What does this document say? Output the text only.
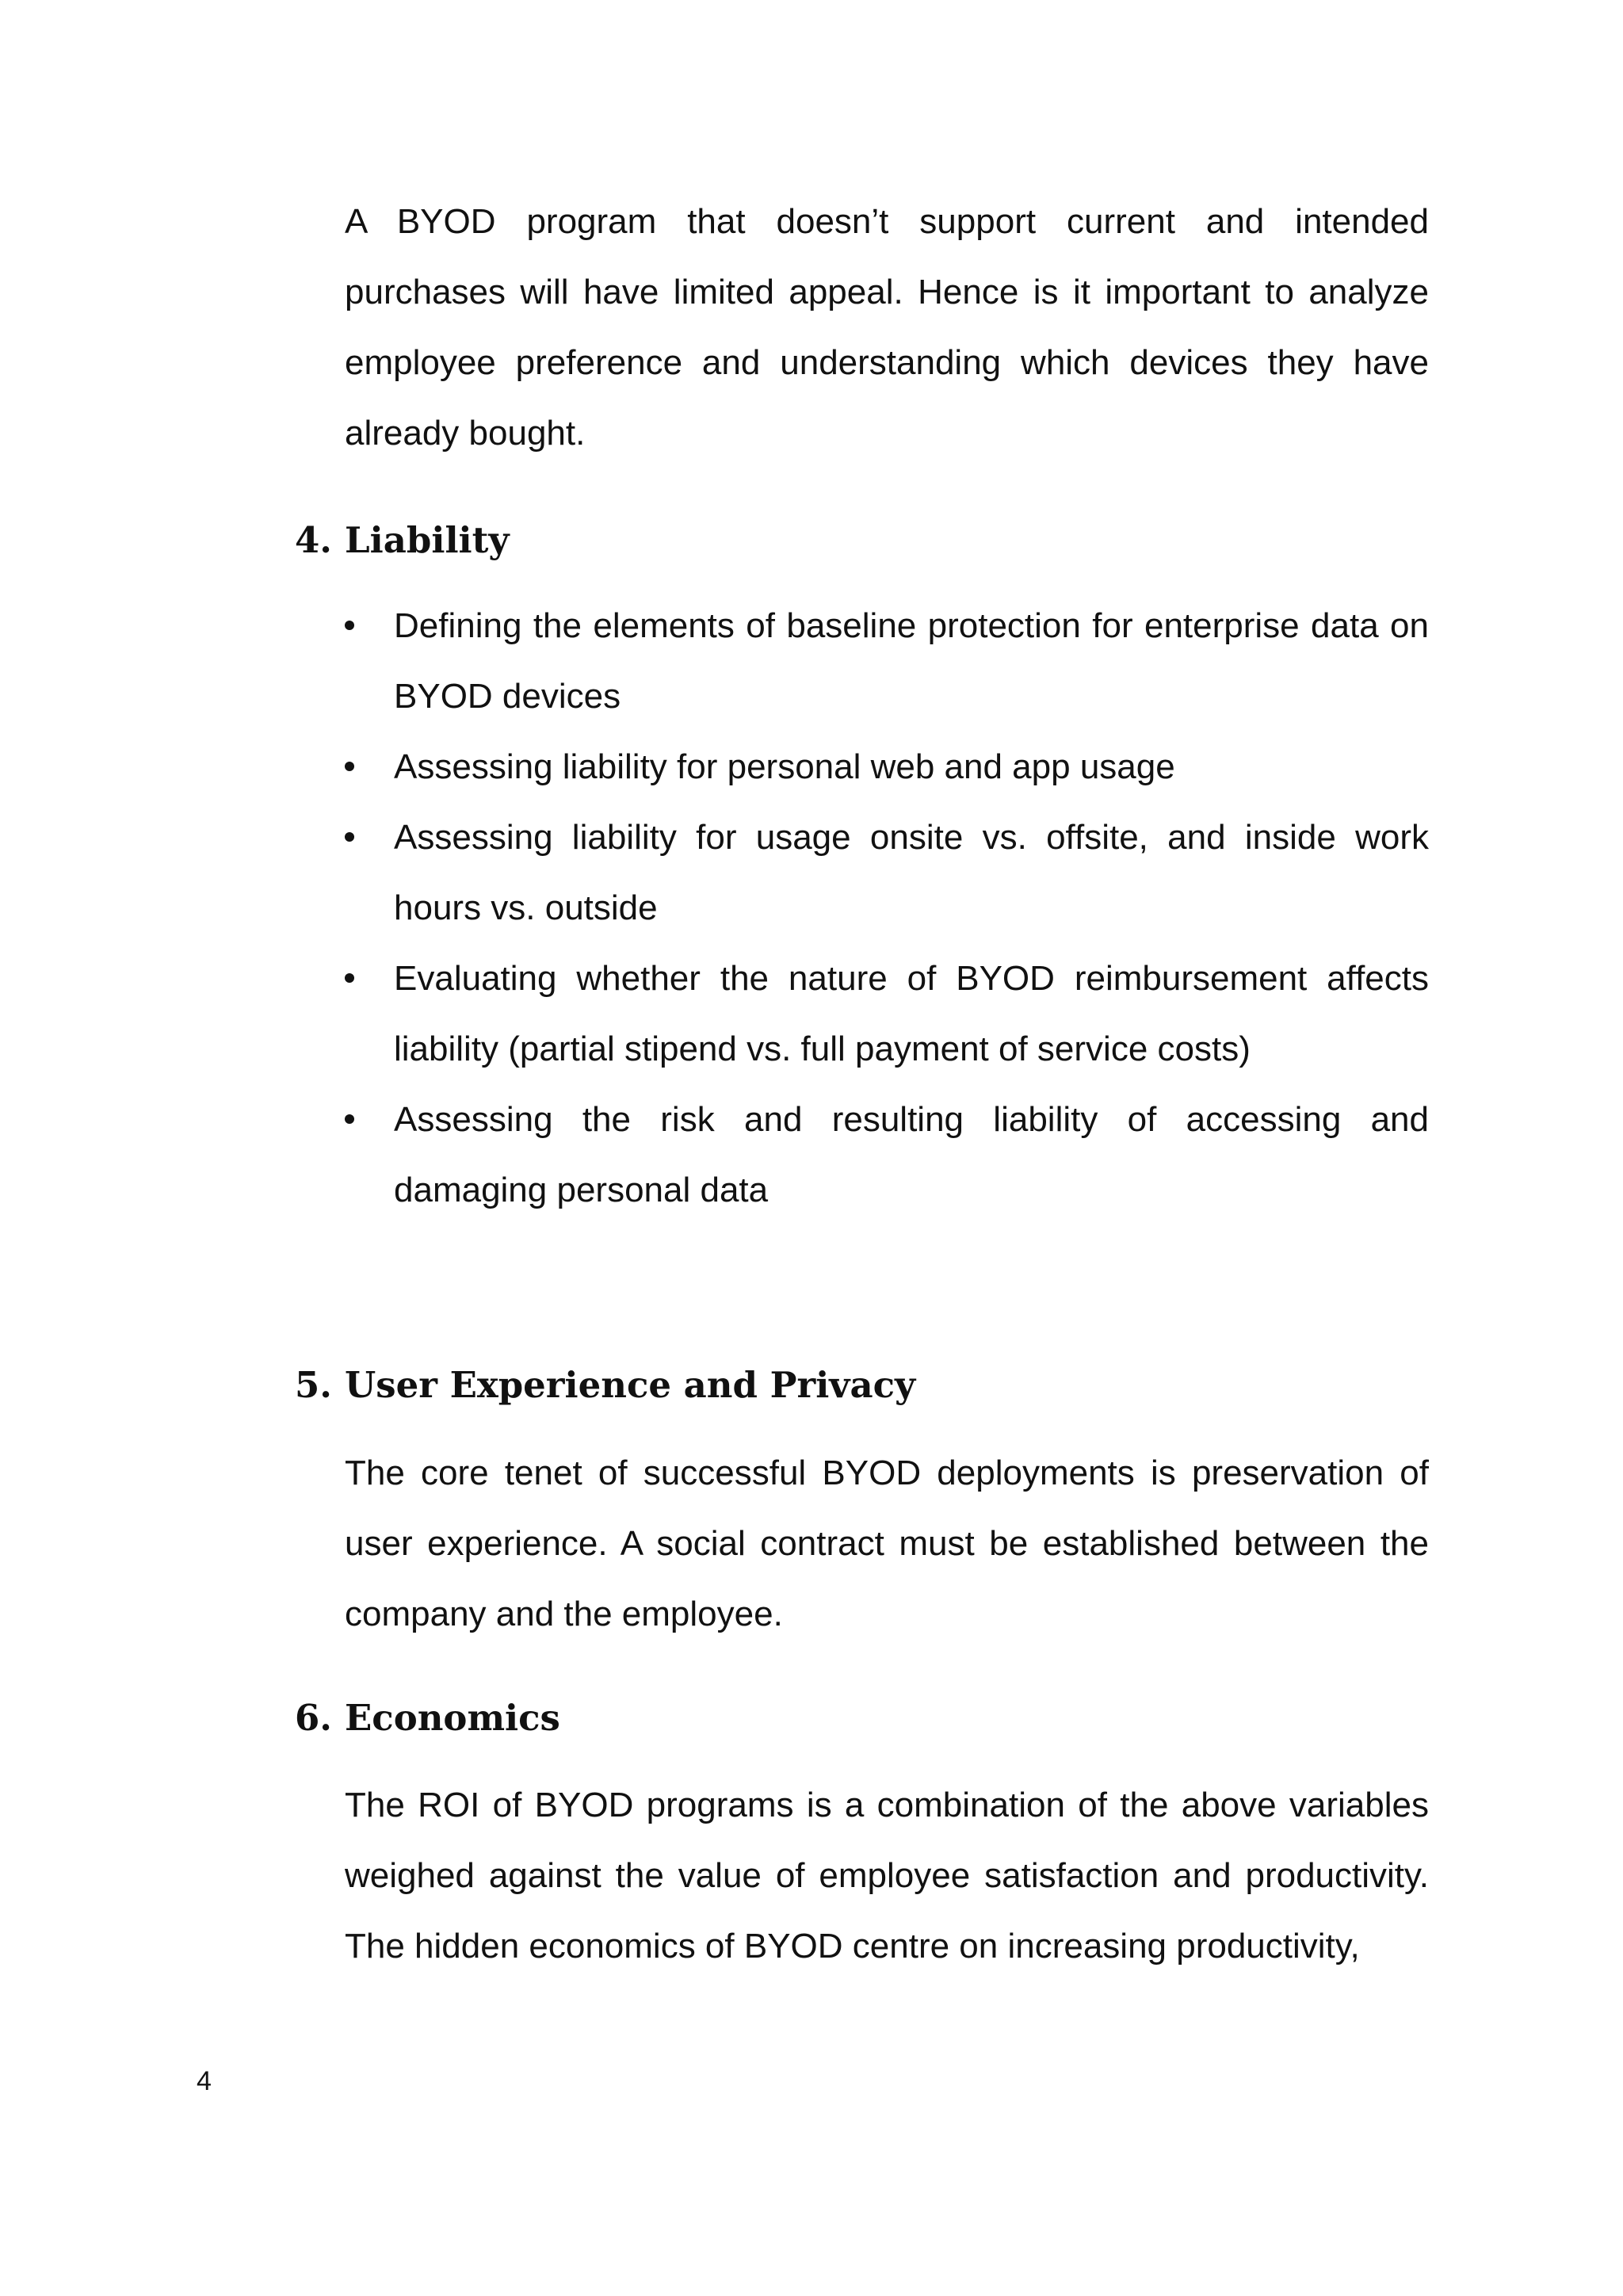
A BYOD program that doesn’t support current and intended purchases will have limited appeal. Hence is it important to analyze employee preference and understanding which devices they have already bought.

4. Liability
Defining the elements of baseline protection for enterprise data on BYOD devices
Assessing liability for personal web and app usage
Assessing liability for usage onsite vs. offsite, and inside work hours vs. outside
Evaluating whether the nature of BYOD reimbursement affects liability (partial stipend vs. full payment of service costs)
Assessing the risk and resulting liability of accessing and damaging personal data
5. User Experience and Privacy

The core tenet of successful BYOD deployments is preservation of user experience. A social contract must be established between the company and the employee.

6. Economics

The ROI of BYOD programs is a combination of the above variables weighed against the value of employee satisfaction and productivity. The hidden economics of BYOD centre on increasing productivity,

4
